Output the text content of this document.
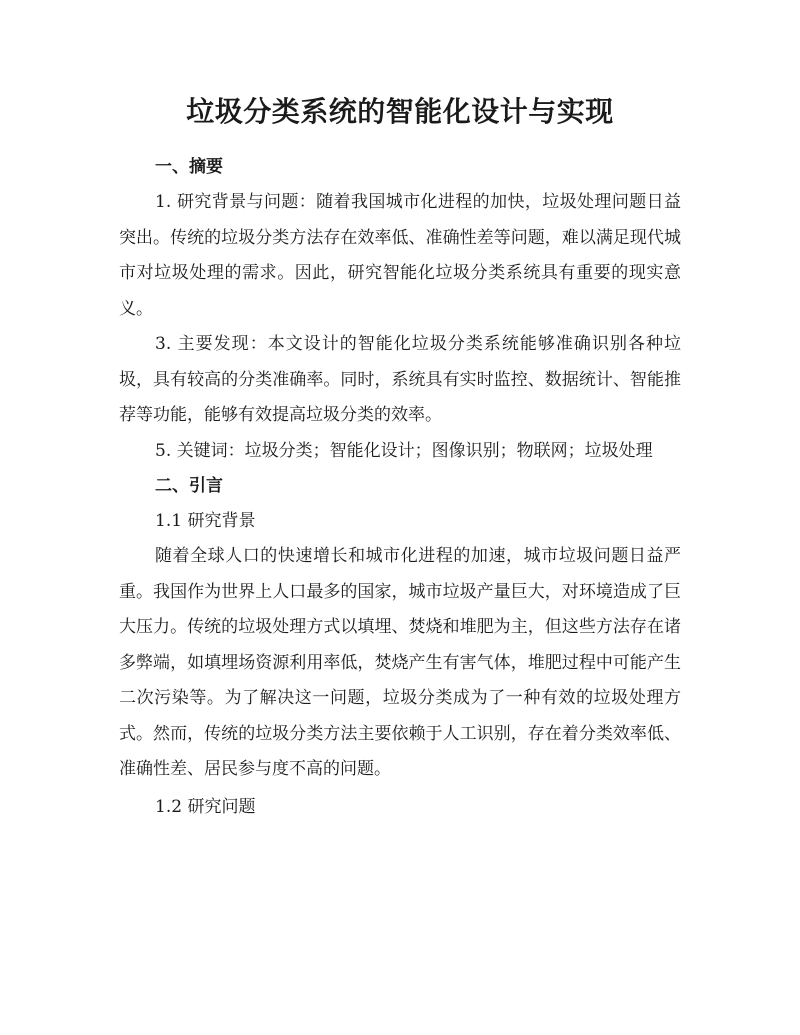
垃圾分类系统的智能化设计与实现
一、摘要

1. 研究背景与问题：随着我国城市化进程的加快，垃圾处理问题日益突出。传统的垃圾分类方法存在效率低、准确性差等问题，难以满足现代城市对垃圾处理的需求。因此，研究智能化垃圾分类系统具有重要的现实意义。

3. 主要发现：本文设计的智能化垃圾分类系统能够准确识别各种垃圾，具有较高的分类准确率。同时，系统具有实时监控、数据统计、智能推荐等功能，能够有效提高垃圾分类的效率。

5. 关键词：垃圾分类；智能化设计；图像识别；物联网；垃圾处理

二、引言
1.1 研究背景

随着全球人口的快速增长和城市化进程的加速，城市垃圾问题日益严重。我国作为世界上人口最多的国家，城市垃圾产量巨大，对环境造成了巨大压力。传统的垃圾处理方式以填埋、焚烧和堆肥为主，但这些方法存在诸多弊端，如填埋场资源利用率低，焚烧产生有害气体，堆肥过程中可能产生二次污染等。为了解决这一问题，垃圾分类成为了一种有效的垃圾处理方式。然而，传统的垃圾分类方法主要依赖于人工识别，存在着分类效率低、准确性差、居民参与度不高的问题。

1.2 研究问题
